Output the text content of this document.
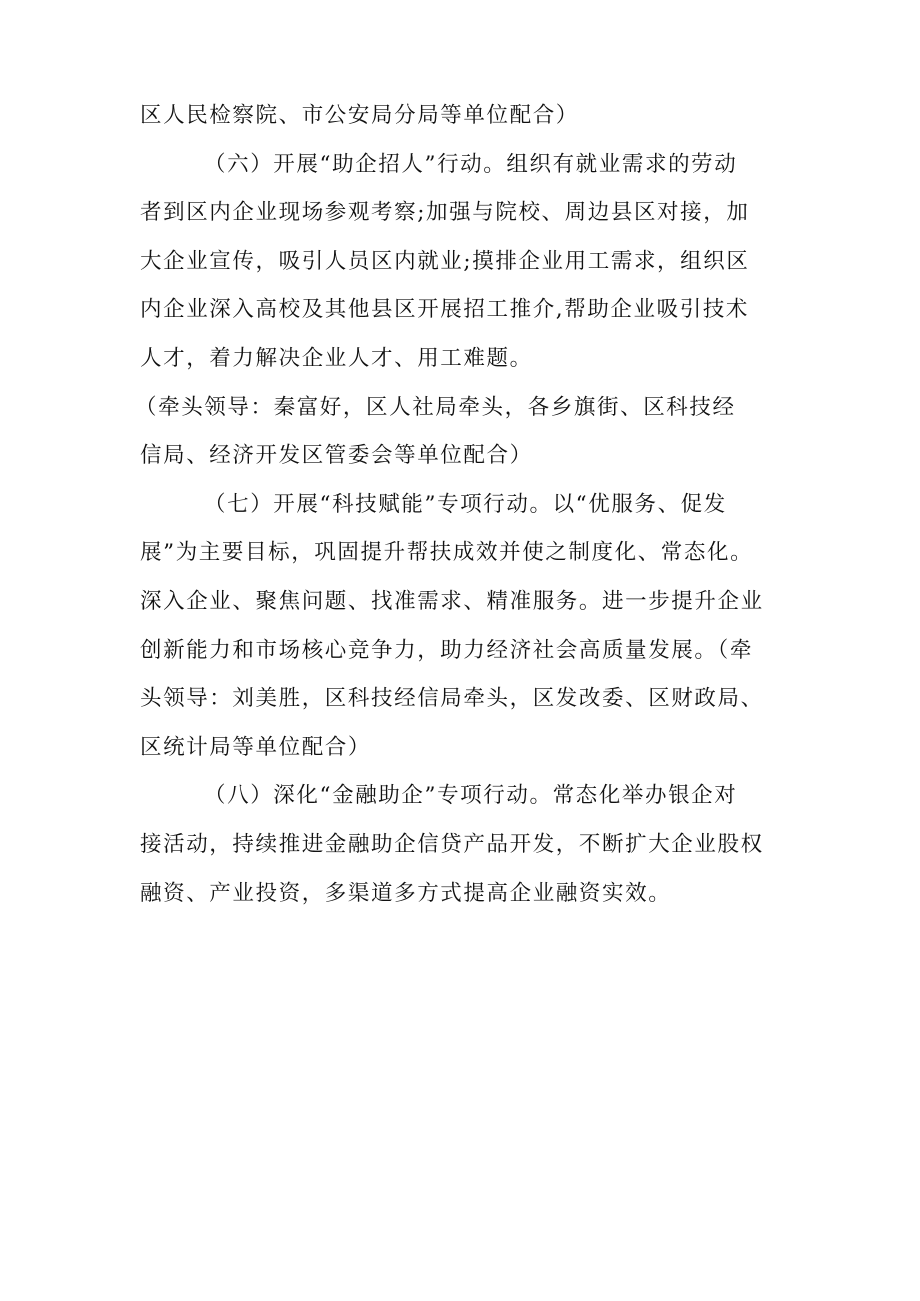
区人民检察院、市公安局分局等单位配合）
（六）开展“助企招人”行动。组织有就业需求的劳动
者到区内企业现场参观考察;加强与院校、周边县区对接，加
大企业宣传，吸引人员区内就业;摸排企业用工需求，组织区
内企业深入高校及其他县区开展招工推介,帮助企业吸引技术
人才，着力解决企业人才、用工难题。
（牵头领导：秦富好，区人社局牵头，各乡旗街、区科技经
信局、经济开发区管委会等单位配合）
（七）开展“科技赋能”专项行动。以“优服务、促发
展”为主要目标，巩固提升帮扶成效并使之制度化、常态化。
深入企业、聚焦问题、找准需求、精准服务。进一步提升企业
创新能力和市场核心竞争力，助力经济社会高质量发展。（牵
头领导：刘美胜，区科技经信局牵头，区发改委、区财政局、
区统计局等单位配合）
（八）深化“金融助企”专项行动。常态化举办银企对
接活动，持续推进金融助企信贷产品开发，不断扩大企业股权
融资、产业投资，多渠道多方式提高企业融资实效。
